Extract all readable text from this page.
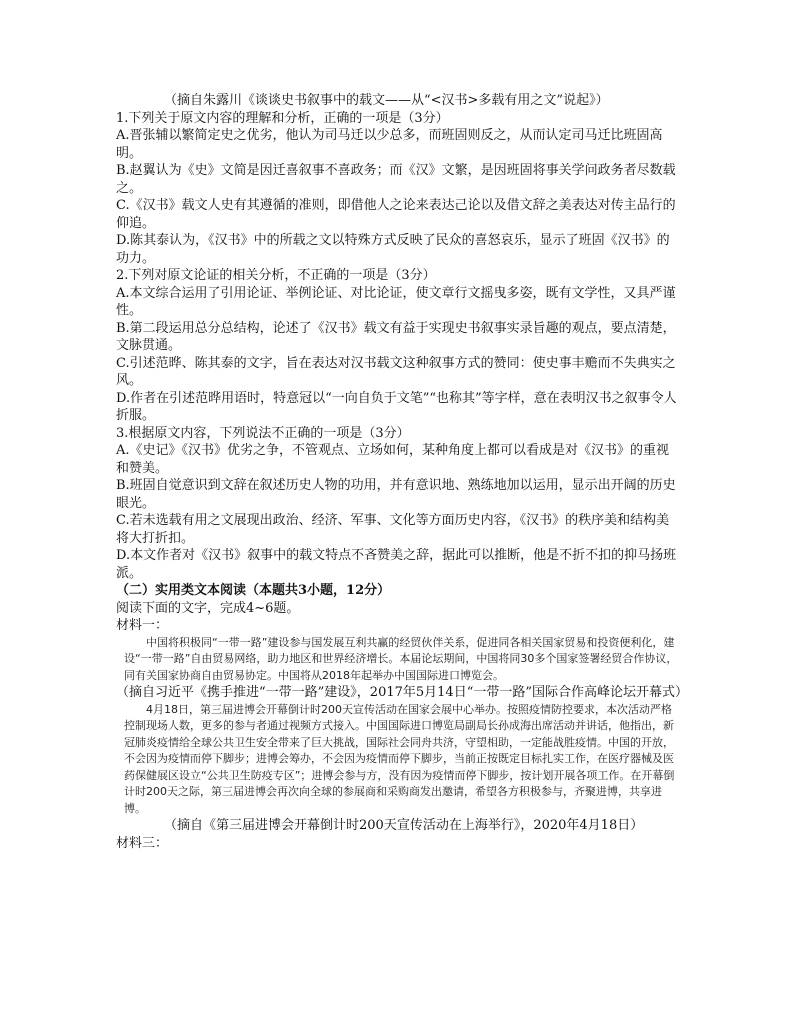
（摘自朱露川《谈谈史书叙事中的载文——从“<汉书>多载有用之文”说起》）

1.下列关于原文内容的理解和分析，正确的一项是（3分）

A.晋张辅以繁简定史之优劣，他认为司马迁以少总多，而班固则反之，从而认定司马迁比班固高明。

B.赵翼认为《史》文简是因迁喜叙事不喜政务；而《汉》文繁，是因班固将事关学问政务者尽数载之。

C.《汉书》载文人史有其遵循的准则，即借他人之论来表达己论以及借文辞之美表达对传主品行的仰追。

D.陈其泰认为，《汉书》中的所载之文以特殊方式反映了民众的喜怒哀乐，显示了班固《汉书》的功力。

2.下列对原文论证的相关分析，不正确的一项是（3分）

A.本文综合运用了引用论证、举例论证、对比论证，使文章行文摇曳多姿，既有文学性，又具严谨性。

B.第二段运用总分总结构，论述了《汉书》载文有益于实现史书叙事实录旨趣的观点，要点清楚，文脉贯通。

C.引述范晔、陈其泰的文字，旨在表达对汉书载文这种叙事方式的赞同：使史事丰赡而不失典实之风。

D.作者在引述范晔用语时，特意冠以“一向自负于文笔”“也称其”等字样，意在表明汉书之叙事令人折服。

3.根据原文内容，下列说法不正确的一项是（3分）

A.《史记》《汉书》优劣之争，不管观点、立场如何，某种角度上都可以看成是对《汉书》的重视和赞美。

B.班固自觉意识到文辞在叙述历史人物的功用，并有意识地、熟练地加以运用，显示出开阔的历史眼光。

C.若未选载有用之文展现出政治、经济、军事、文化等方面历史内容，《汉书》的秩序美和结构美将大打折扣。

D.本文作者对《汉书》叙事中的载文特点不吝赞美之辞，据此可以推断，他是不折不扣的抑马扬班派。

（二）实用类文本阅读（本题共3小题，12分）

阅读下面的文字，完成4~6题。

材料一：

中国将积极同“一带一路”建设参与国发展互利共赢的经贸伙伴关系，促进同各相关国家贸易和投资便利化，建设“一带一路”自由贸易网络，助力地区和世界经济增长。本届论坛期间，中国将同30多个国家签署经贸合作协议，同有关国家协商自由贸易协定。中国将从2018年起举办中国国际进口博览会。

（摘自习近平《携手推进“一带一路”建设》，2017年5月14日“一带一路”国际合作高峰论坛开幕式）

4月18日，第三届进博会开幕倒计时200天宣传活动在国家会展中心举办。按照疫情防控要求，本次活动严格控制现场人数，更多的参与者通过视频方式接入。中国国际进口博览局副局长孙成海出席活动并讲话，他指出，新冠肺炎疫情给全球公共卫生安全带来了巨大挑战，国际社会同舟共济，守望相助，一定能战胜疫情。中国的开放，不会因为疫情而停下脚步；进博会筹办，不会因为疫情而停下脚步，当前正按既定目标扎实工作，在医疗器械及医药保健展区设立“公共卫生防疫专区”；进博会参与方，没有因为疫情而停下脚步，按计划开展各项工作。在开幕倒计时200天之际，第三届进博会再次向全球的参展商和采购商发出邀请，希望各方积极参与，齐聚进博，共享进博。

（摘自《第三届进博会开幕倒计时200天宣传活动在上海举行》，2020年4月18日）

材料三：
